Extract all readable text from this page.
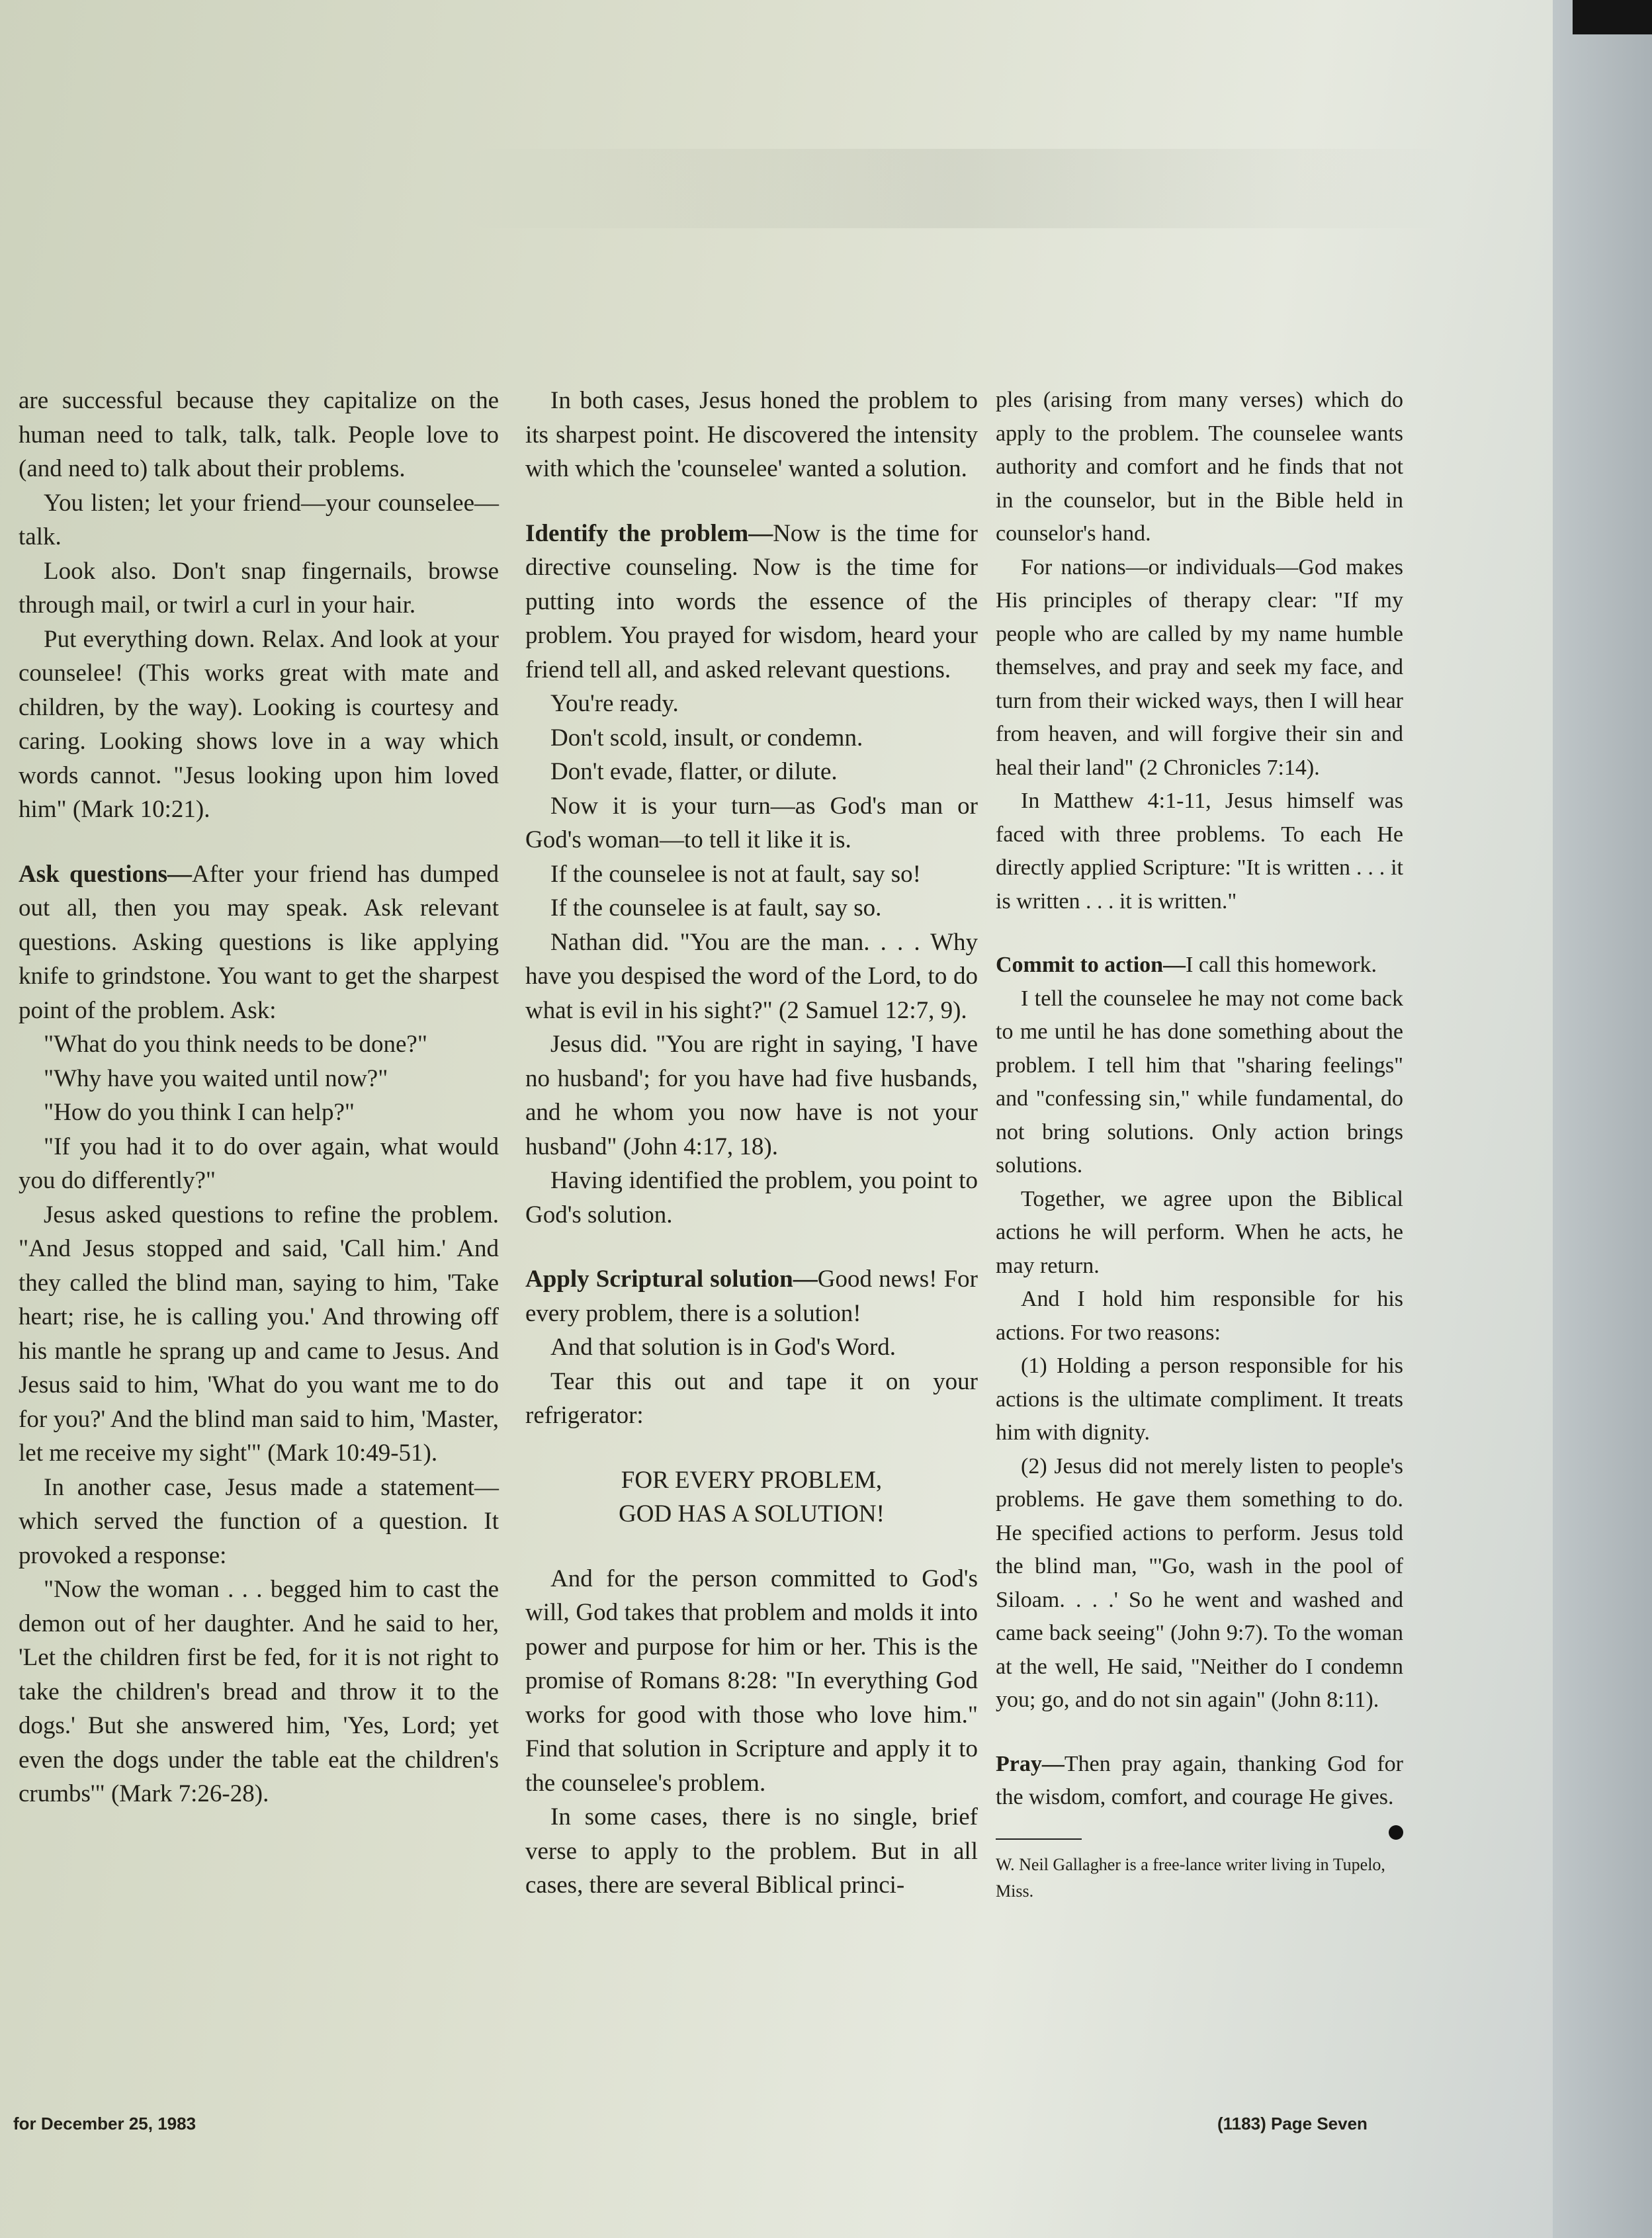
are successful because they capitalize on the human need to talk, talk, talk. People love to (and need to) talk about their problems.

You listen; let your friend—your counselee—talk.

Look also. Don't snap fingernails, browse through mail, or twirl a curl in your hair.

Put everything down. Relax. And look at your counselee! (This works great with mate and children, by the way). Looking is courtesy and caring. Looking shows love in a way which words cannot. "Jesus looking upon him loved him" (Mark 10:21).

Ask questions—After your friend has dumped out all, then you may speak. Ask relevant questions. Asking questions is like applying knife to grindstone. You want to get the sharpest point of the problem. Ask:

"What do you think needs to be done?"

"Why have you waited until now?"

"How do you think I can help?"

"If you had it to do over again, what would you do differently?"

Jesus asked questions to refine the problem. "And Jesus stopped and said, 'Call him.' And they called the blind man, saying to him, 'Take heart; rise, he is calling you.' And throwing off his mantle he sprang up and came to Jesus. And Jesus said to him, 'What do you want me to do for you?' And the blind man said to him, 'Master, let me receive my sight'" (Mark 10:49-51).

In another case, Jesus made a statement—which served the function of a question. It provoked a response:

"Now the woman . . . begged him to cast the demon out of her daughter. And he said to her, 'Let the children first be fed, for it is not right to take the children's bread and throw it to the dogs.' But she answered him, 'Yes, Lord; yet even the dogs under the table eat the children's crumbs'" (Mark 7:26-28).

In both cases, Jesus honed the problem to its sharpest point. He discovered the intensity with which the 'counselee' wanted a solution.

Identify the problem—Now is the time for directive counseling. Now is the time for putting into words the essence of the problem. You prayed for wisdom, heard your friend tell all, and asked relevant questions.

You're ready.

Don't scold, insult, or condemn.

Don't evade, flatter, or dilute.

Now it is your turn—as God's man or God's woman—to tell it like it is.

If the counselee is not at fault, say so!

If the counselee is at fault, say so.

Nathan did. "You are the man. . . . Why have you despised the word of the Lord, to do what is evil in his sight?" (2 Samuel 12:7, 9).

Jesus did. "You are right in saying, 'I have no husband'; for you have had five husbands, and he whom you now have is not your husband" (John 4:17, 18).

Having identified the problem, you point to God's solution.

Apply Scriptural solution—Good news! For every problem, there is a solution!

And that solution is in God's Word.

Tear this out and tape it on your refrigerator:

FOR EVERY PROBLEM,

GOD HAS A SOLUTION!

And for the person committed to God's will, God takes that problem and molds it into power and purpose for him or her. This is the promise of Romans 8:28: "In everything God works for good with those who love him." Find that solution in Scripture and apply it to the counselee's problem.

In some cases, there is no single, brief verse to apply to the problem. But in all cases, there are several Biblical princi-

ples (arising from many verses) which do apply to the problem. The counselee wants authority and comfort and he finds that not in the counselor, but in the Bible held in counselor's hand.

For nations—or individuals—God makes His principles of therapy clear: "If my people who are called by my name humble themselves, and pray and seek my face, and turn from their wicked ways, then I will hear from heaven, and will forgive their sin and heal their land" (2 Chronicles 7:14).

In Matthew 4:1-11, Jesus himself was faced with three problems. To each He directly applied Scripture: "It is written . . . it is written . . . it is written."

Commit to action—I call this homework.

I tell the counselee he may not come back to me until he has done something about the problem. I tell him that "sharing feelings" and "confessing sin," while fundamental, do not bring solutions. Only action brings solutions.

Together, we agree upon the Biblical actions he will perform. When he acts, he may return.

And I hold him responsible for his actions. For two reasons:

(1) Holding a person responsible for his actions is the ultimate compliment. It treats him with dignity.

(2) Jesus did not merely listen to people's problems. He gave them something to do. He specified actions to perform. Jesus told the blind man, "'Go, wash in the pool of Siloam. . . .' So he went and washed and came back seeing" (John 9:7). To the woman at the well, He said, "Neither do I condemn you; go, and do not sin again" (John 8:11).

Pray—Then pray again, thanking God for the wisdom, comfort, and courage He gives.

W. Neil Gallagher is a free-lance writer living in Tupelo, Miss.

for December 25, 1983	(1183) Page Seven
